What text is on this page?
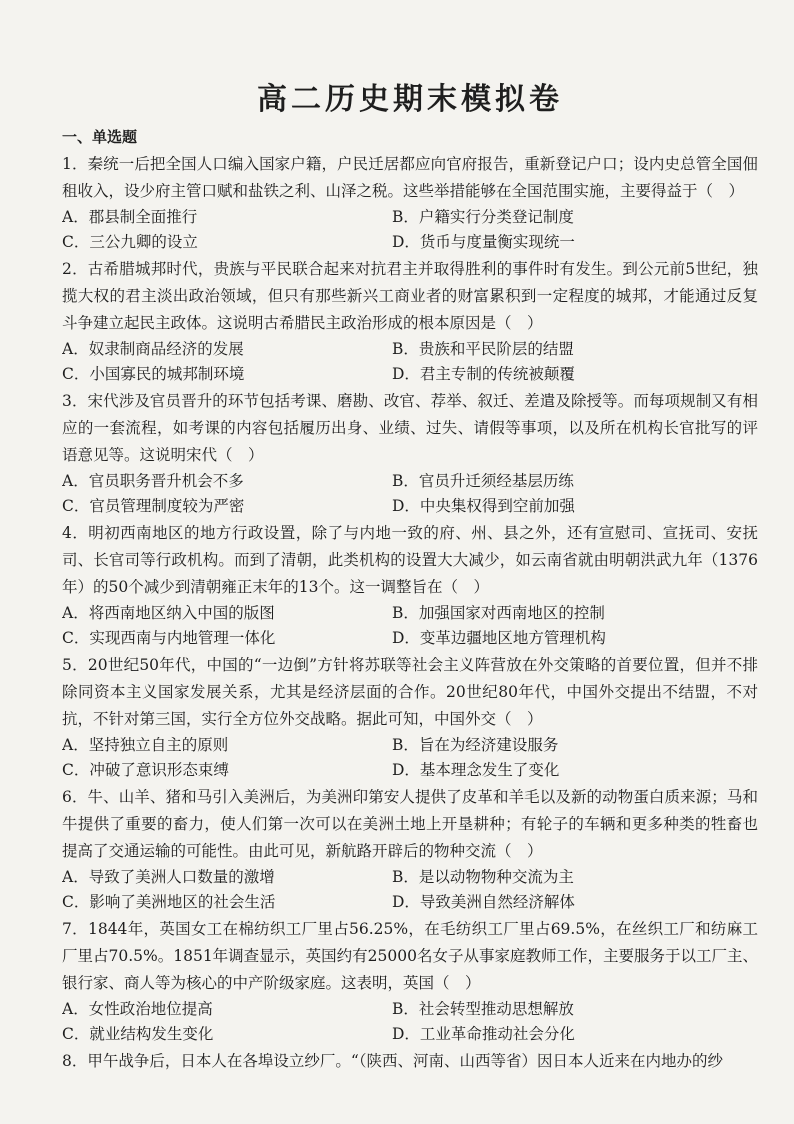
高二历史期末模拟卷
一、单选题

1．秦统一后把全国人口编入国家户籍，户民迁居都应向官府报告，重新登记户口；设内史总管全国佃租收入，设少府主管口赋和盐铁之利、山泽之税。这些举措能够在全国范围实施，主要得益于（　）

A．郡县制全面推行	B．户籍实行分类登记制度
C．三公九卿的设立	D．货币与度量衡实现统一

2．古希腊城邦时代，贵族与平民联合起来对抗君主并取得胜利的事件时有发生。到公元前5世纪，独揽大权的君主淡出政治领域，但只有那些新兴工商业者的财富累积到一定程度的城邦，才能通过反复斗争建立起民主政体。这说明古希腊民主政治形成的根本原因是（　）

A．奴隶制商品经济的发展	B．贵族和平民阶层的结盟
C．小国寡民的城邦制环境	D．君主专制的传统被颠覆

3．宋代涉及官员晋升的环节包括考课、磨勘、改官、荐举、叙迁、差遣及除授等。而每项规制又有相应的一套流程，如考课的内容包括履历出身、业绩、过失、请假等事项，以及所在机构长官批写的评语意见等。这说明宋代（　）

A．官员职务晋升机会不多	B．官员升迁须经基层历练
C．官员管理制度较为严密	D．中央集权得到空前加强

4．明初西南地区的地方行政设置，除了与内地一致的府、州、县之外，还有宣慰司、宣抚司、安抚司、长官司等行政机构。而到了清朝，此类机构的设置大大减少，如云南省就由明朝洪武九年（1376年）的50个减少到清朝雍正末年的13个。这一调整旨在（　）

A．将西南地区纳入中国的版图	B．加强国家对西南地区的控制
C．实现西南与内地管理一体化	D．变革边疆地区地方管理机构

5．20世纪50年代，中国的“一边倒”方针将苏联等社会主义阵营放在外交策略的首要位置，但并不排除同资本主义国家发展关系，尤其是经济层面的合作。20世纪80年代，中国外交提出不结盟，不对抗，不针对第三国，实行全方位外交战略。据此可知，中国外交（　）

A．坚持独立自主的原则	B．旨在为经济建设服务
C．冲破了意识形态束缚	D．基本理念发生了变化

6．牛、山羊、猪和马引入美洲后，为美洲印第安人提供了皮革和羊毛以及新的动物蛋白质来源；马和牛提供了重要的畜力，使人们第一次可以在美洲土地上开垦耕种；有轮子的车辆和更多种类的牲畜也提高了交通运输的可能性。由此可见，新航路开辟后的物种交流（　）

A．导致了美洲人口数量的激增	B．是以动物物种交流为主
C．影响了美洲地区的社会生活	D．导致美洲自然经济解体

7．1844年，英国女工在棉纺织工厂里占56.25%，在毛纺织工厂里占69.5%，在丝织工厂和纺麻工厂里占70.5%。1851年调查显示，英国约有25000名女子从事家庭教师工作，主要服务于以工厂主、银行家、商人等为核心的中产阶级家庭。这表明，英国（　）

A．女性政治地位提高	B．社会转型推动思想解放
C．就业结构发生变化	D．工业革命推动社会分化

8．甲午战争后，日本人在各埠设立纱厂。“（陕西、河南、山西等省）因日本人近来在内地办的纱
